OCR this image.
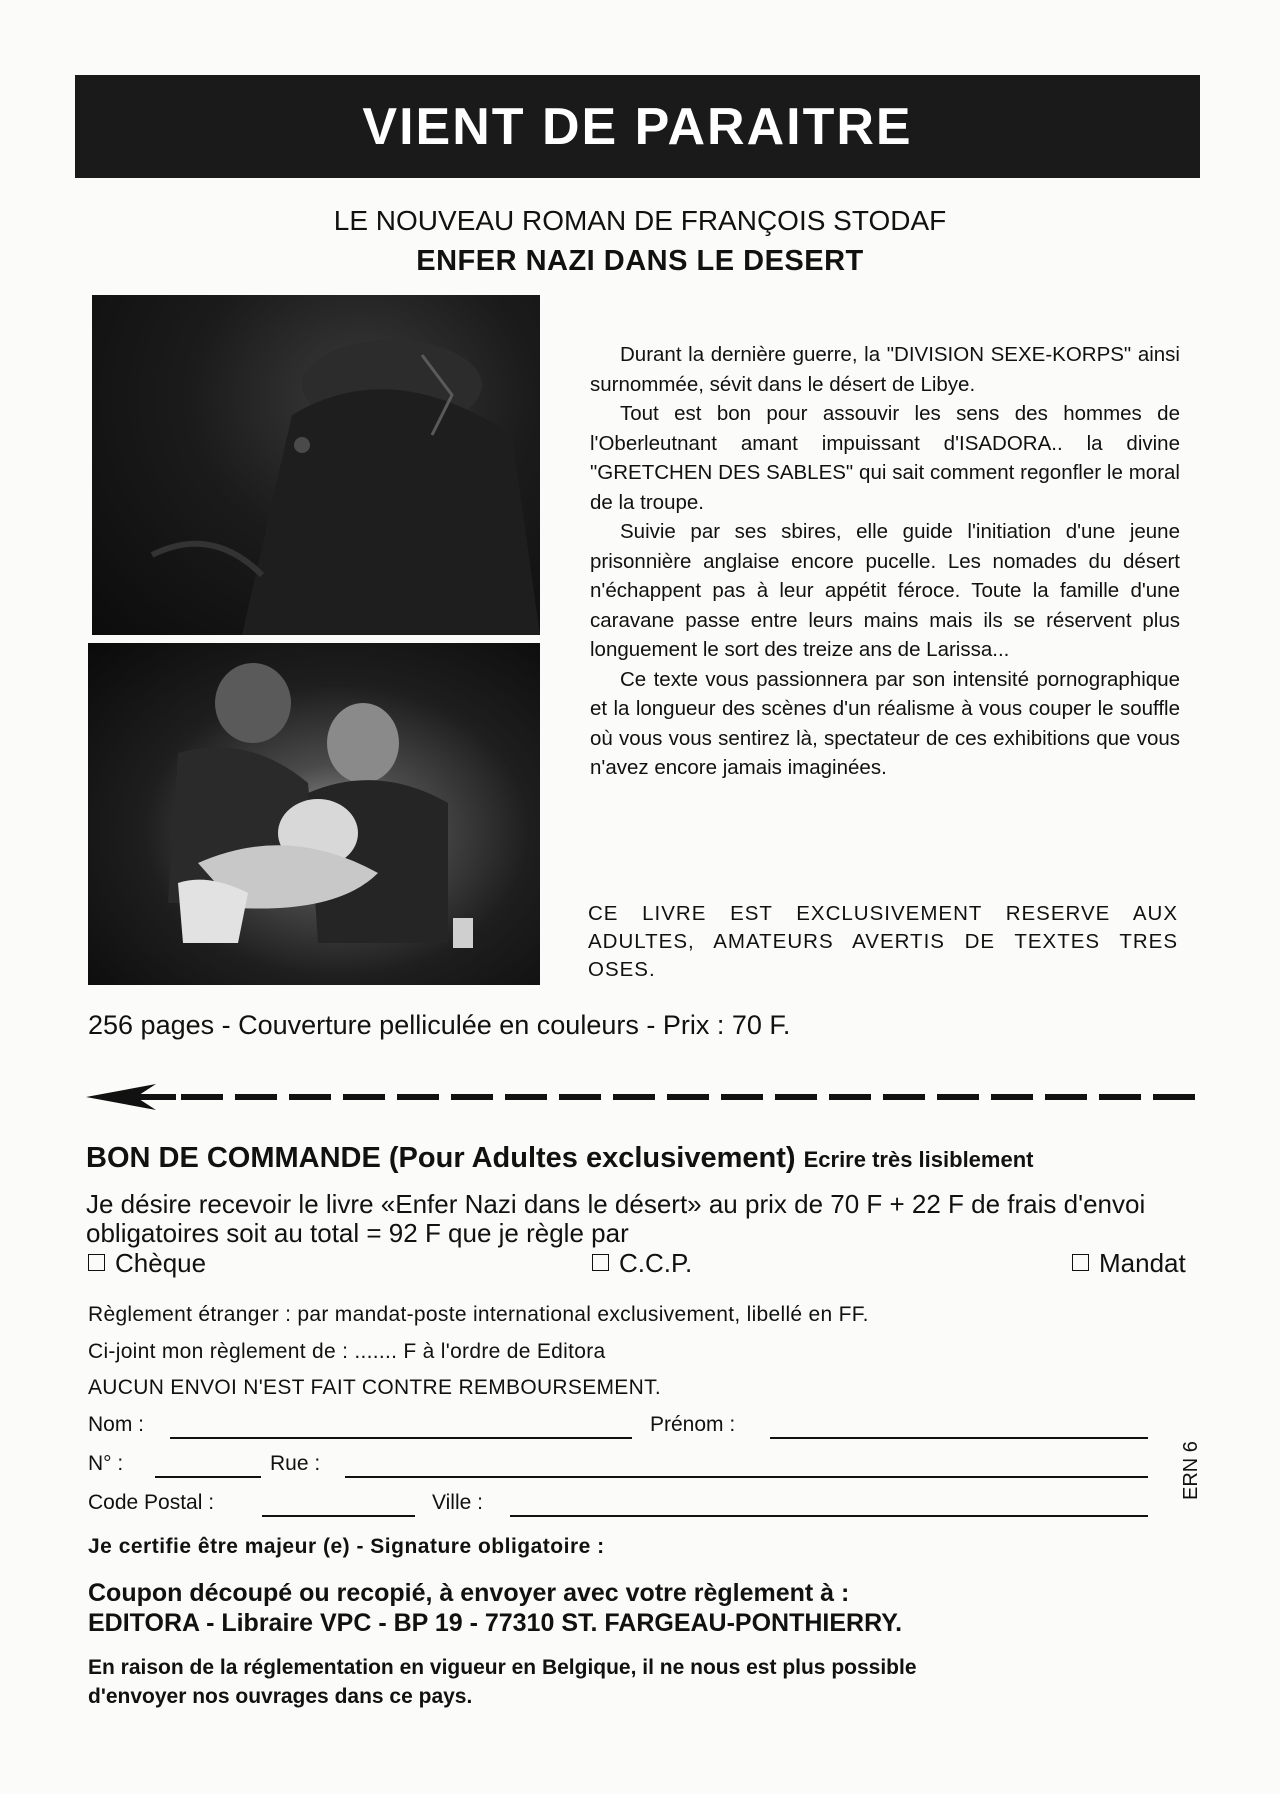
VIENT DE PARAITRE
LE NOUVEAU ROMAN DE FRANÇOIS STODAF
ENFER NAZI DANS LE DESERT

Durant la dernière guerre, la "DIVISION SEXE-KORPS" ainsi surnommée, sévit dans le désert de Libye.

Tout est bon pour assouvir les sens des hommes de l'Oberleutnant amant impuissant d'ISADORA.. la divine "GRETCHEN DES SABLES" qui sait comment regonfler le moral de la troupe.

Suivie par ses sbires, elle guide l'initiation d'une jeune prisonnière anglaise encore pucelle. Les nomades du désert n'échappent pas à leur appétit féroce. Toute la famille d'une caravane passe entre leurs mains mais ils se réservent plus longuement le sort des treize ans de Larissa...

Ce texte vous passionnera par son intensité pornographique et la longueur des scènes d'un réalisme à vous couper le souffle où vous vous sentirez là, spectateur de ces exhibitions que vous n'avez encore jamais imaginées.

CE LIVRE EST EXCLUSIVEMENT RESERVE AUX ADULTES, AMATEURS AVERTIS DE TEXTES TRES OSES.
256 pages - Couverture pelliculée en couleurs - Prix : 70 F.
BON DE COMMANDE (Pour Adultes exclusivement) Ecrire très lisiblement
Je désire recevoir le livre «Enfer Nazi dans le désert» au prix de 70 F + 22 F de frais d'envoi obligatoires soit au total = 92 F que je règle par
Chèque	C.C.P.	Mandat
Règlement étranger : par mandat-poste international exclusivement, libellé en FF.
Ci-joint mon règlement de : ....... F à l'ordre de Editora
AUCUN ENVOI N'EST FAIT CONTRE REMBOURSEMENT.
Nom :	Prénom :
N° :	Rue :
Code Postal :	Ville :
Je certifie être majeur (e) - Signature obligatoire :
Coupon découpé ou recopié, à envoyer avec votre règlement à :
EDITORA - Libraire VPC - BP 19 - 77310 ST. FARGEAU-PONTHIERRY.
En raison de la réglementation en vigueur en Belgique, il ne nous est plus possible
d'envoyer nos ouvrages dans ce pays.
ERN 6
